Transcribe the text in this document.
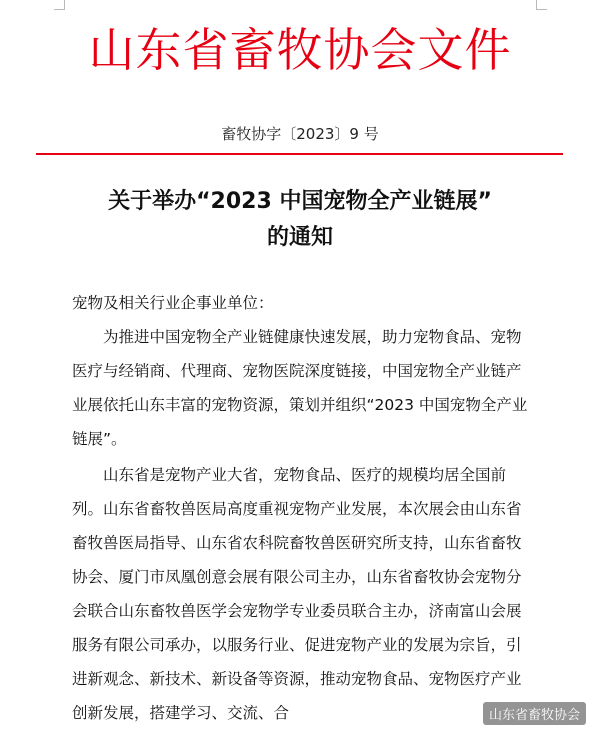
山东省畜牧协会文件
畜牧协字〔2023〕9 号
关于举办“2023 中国宠物全产业链展”
的通知
宠物及相关行业企事业单位：

为推进中国宠物全产业链健康快速发展，助力宠物食品、宠物医疗与经销商、代理商、宠物医院深度链接，中国宠物全产业链产业展依托山东丰富的宠物资源，策划并组织“2023 中国宠物全产业链展”。

山东省是宠物产业大省，宠物食品、医疗的规模均居全国前列。山东省畜牧兽医局高度重视宠物产业发展，本次展会由山东省畜牧兽医局指导、山东省农科院畜牧兽医研究所支持，山东省畜牧协会、厦门市凤凰创意会展有限公司主办，山东省畜牧协会宠物分会联合山东畜牧兽医学会宠物学专业委员联合主办，济南富山会展服务有限公司承办，以服务行业、促进宠物产业的发展为宗旨，引进新观念、新技术、新设备等资源，推动宠物食品、宠物医疗产业创新发展，搭建学习、交流、合	山东省畜牧协会
